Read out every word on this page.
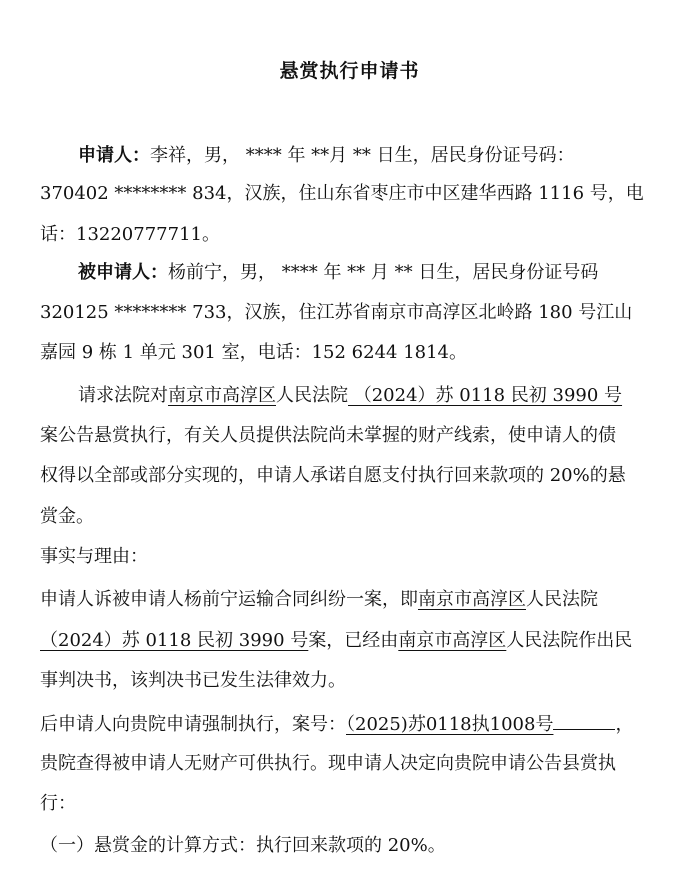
悬赏执行申请书
申请人：李祥，男， **** 年 **月 ** 日生，居民身份证号码：
370402 ******** 834，汉族，住山东省枣庄市中区建华西路 1116 号，电
话：13220777711。
被申请人：杨前宁，男， **** 年 ** 月 ** 日生，居民身份证号码
320125 ******** 733，汉族，住江苏省南京市高淳区北岭路 180 号江山
嘉园 9 栋 1 单元 301 室，电话：152 6244 1814。
请求法院对南京市高淳区人民法院 （2024）苏 0118 民初 3990 号
案公告悬赏执行，有关人员提供法院尚未掌握的财产线索，使申请人的债
权得以全部或部分实现的，申请人承诺自愿支付执行回来款项的 20%的悬
赏金。
事实与理由：
申请人诉被申请人杨前宁运输合同纠纷一案，即南京市高淳区人民法院
（2024）苏 0118 民初 3990 号案，已经由南京市高淳区人民法院作出民
事判决书，该判决书已发生法律效力。
后申请人向贵院申请强制执行，案号：（2025)苏0118执1008号	，
贵院查得被申请人无财产可供执行。现申请人决定向贵院申请公告县赏执
行：
（一）悬赏金的计算方式：执行回来款项的 20%。
